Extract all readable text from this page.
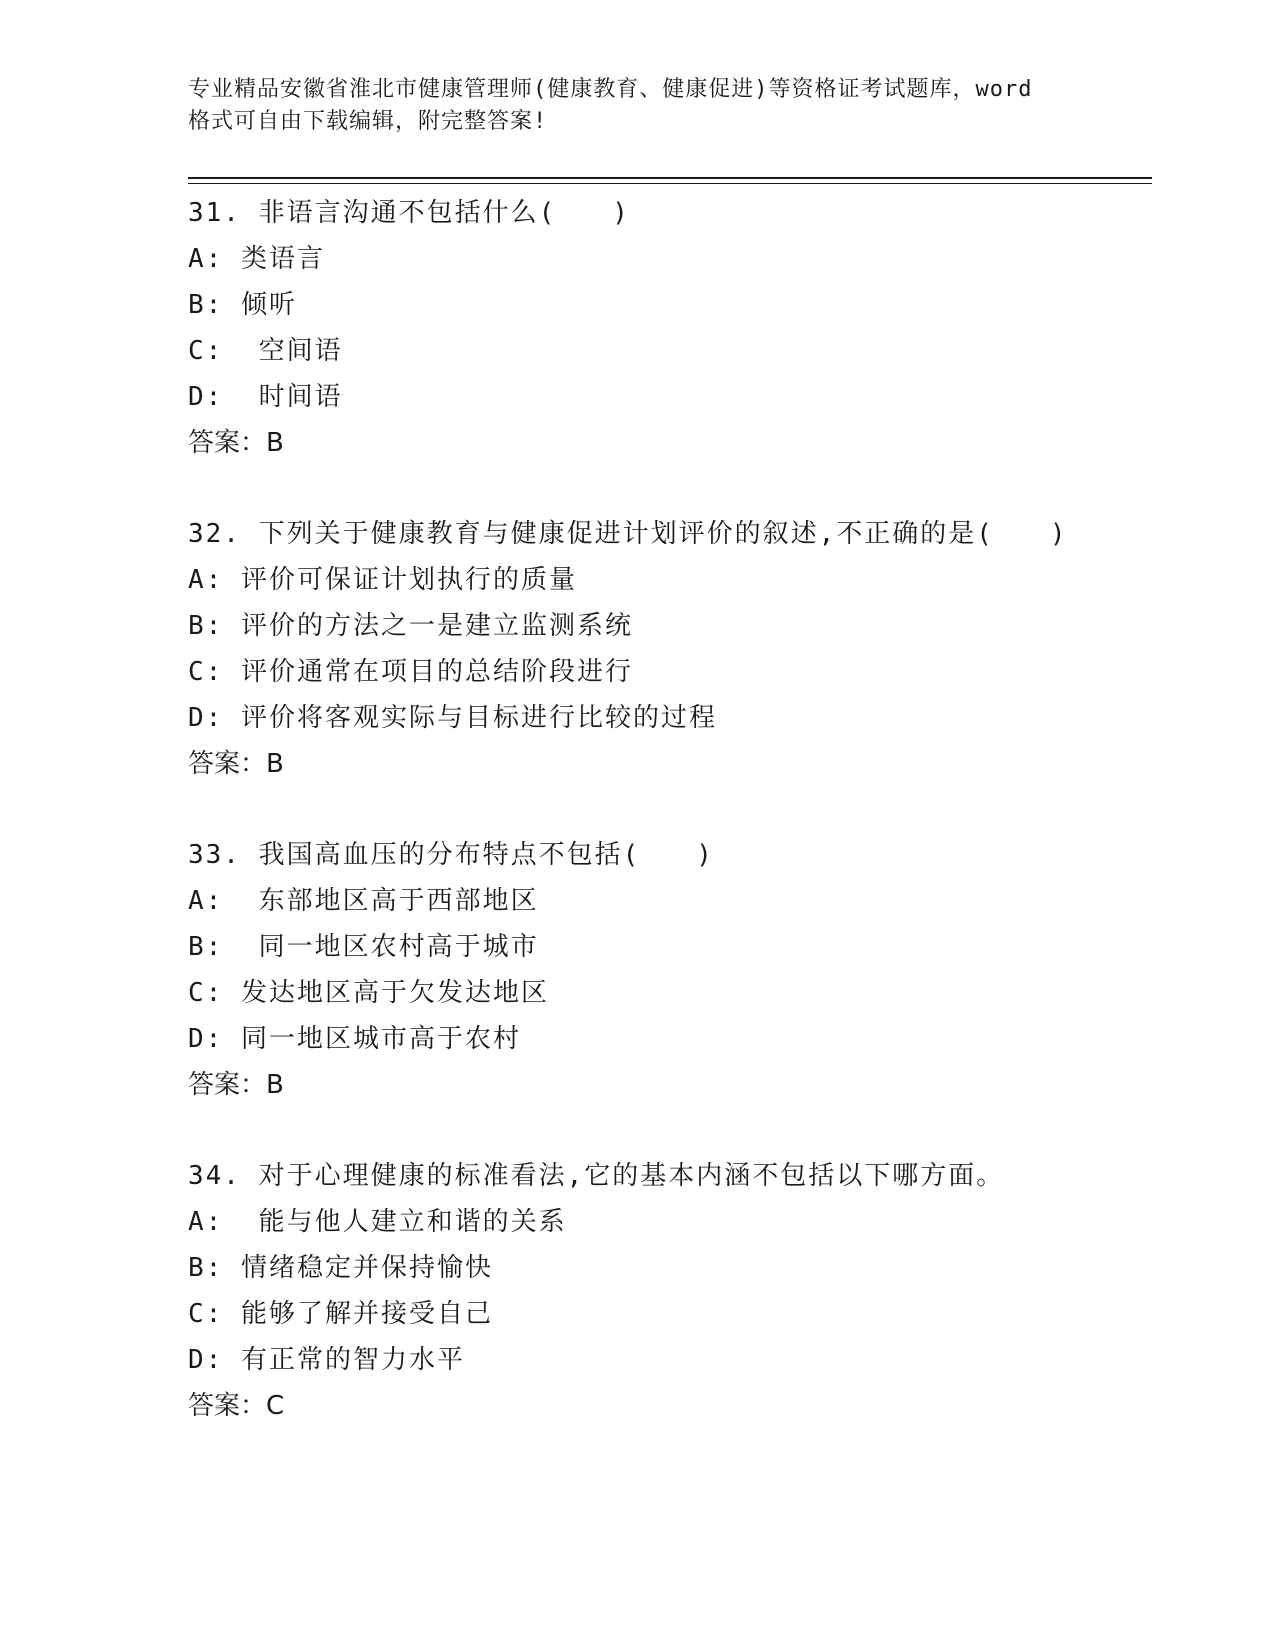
专业精品安徽省淮北市健康管理师(健康教育、健康促进)等资格证考试题库，word
格式可自由下载编辑，附完整答案!
31. 非语言沟通不包括什么(　　)
A: 类语言
B: 倾听
C:  空间语
D:  时间语
答案：B
32. 下列关于健康教育与健康促进计划评价的叙述,不正确的是(　　)
A: 评价可保证计划执行的质量
B: 评价的方法之一是建立监测系统
C: 评价通常在项目的总结阶段进行
D: 评价将客观实际与目标进行比较的过程
答案：B
33. 我国高血压的分布特点不包括(　　)
A:  东部地区高于西部地区
B:  同一地区农村高于城市
C: 发达地区高于欠发达地区
D: 同一地区城市高于农村
答案：B
34. 对于心理健康的标准看法,它的基本内涵不包括以下哪方面。
A:  能与他人建立和谐的关系
B: 情绪稳定并保持愉快
C: 能够了解并接受自己
D: 有正常的智力水平
答案：C
